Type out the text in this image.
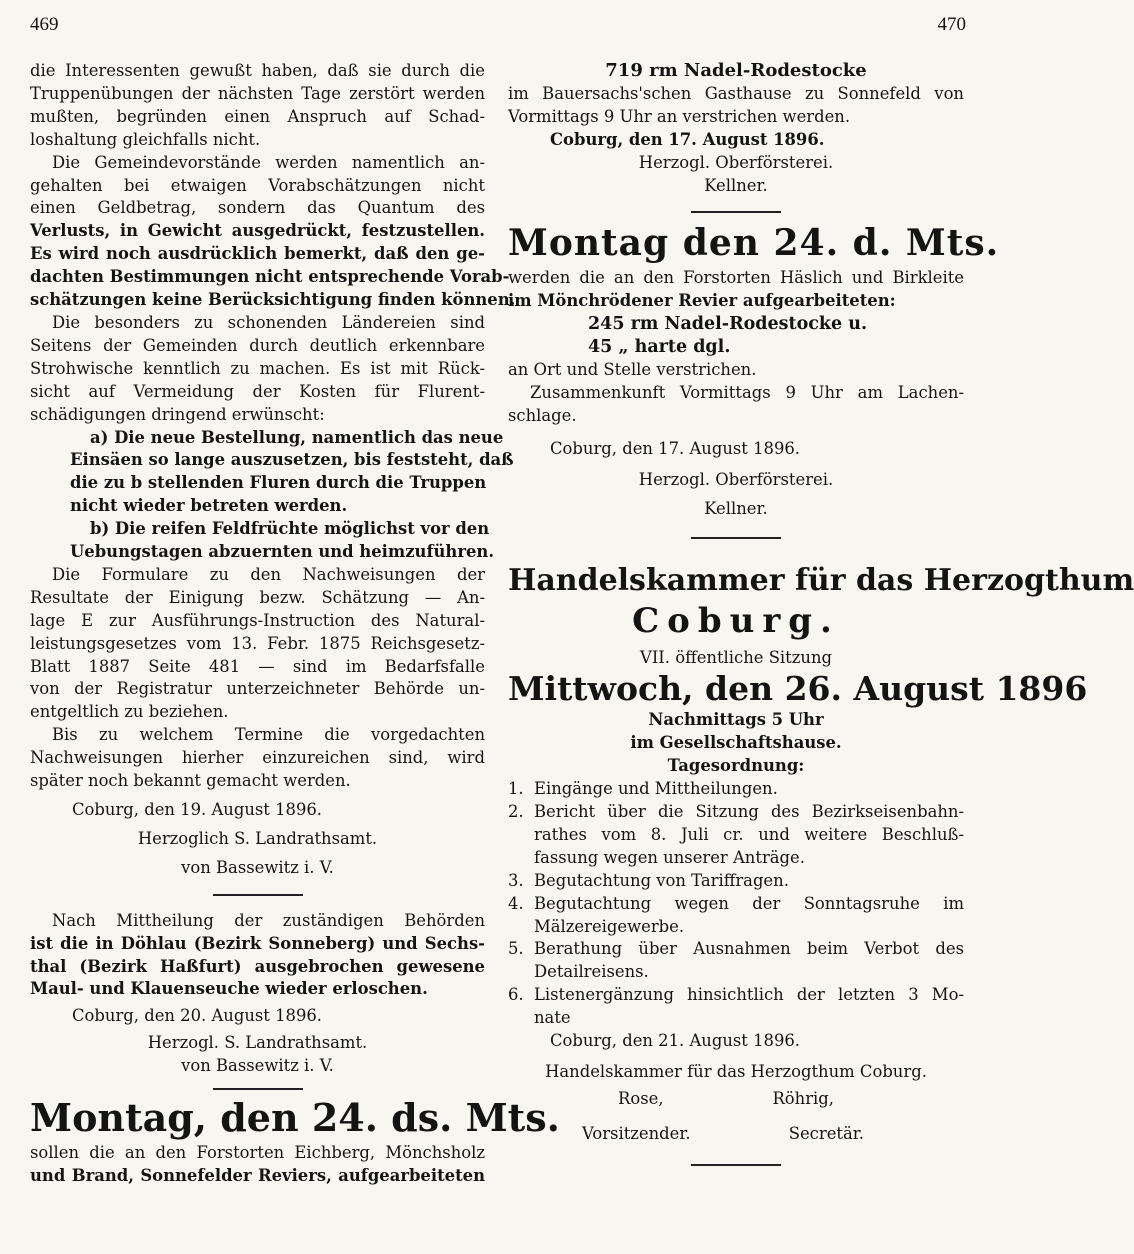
469	470
die Interessenten gewußt haben, daß sie durch die
Truppenübungen der nächsten Tage zerstört werden
mußten, begründen einen Anspruch auf Schad-
loshaltung gleichfalls nicht.
Die Gemeindevorstände werden namentlich an-
gehalten bei etwaigen Vorabschätzungen nicht
einen Geldbetrag, sondern das Quantum des
Verlusts, in Gewicht ausgedrückt, festzustellen.
Es wird noch ausdrücklich bemerkt, daß den ge-
dachten Bestimmungen nicht entsprechende Vorab-
schätzungen keine Berücksichtigung finden können.
Die besonders zu schonenden Ländereien sind
Seitens der Gemeinden durch deutlich erkennbare
Strohwische kenntlich zu machen. Es ist mit Rück-
sicht auf Vermeidung der Kosten für Flurent-
schädigungen dringend erwünscht:
a) Die neue Bestellung, namentlich das neue
Einsäen so lange auszusetzen, bis feststeht, daß
die zu b stellenden Fluren durch die Truppen
nicht wieder betreten werden.
b) Die reifen Feldfrüchte möglichst vor den
Uebungstagen abzuernten und heimzuführen.
Die Formulare zu den Nachweisungen der
Resultate der Einigung bezw. Schätzung — An-
lage E zur Ausführungs-Instruction des Natural-
leistungsgesetzes vom 13. Febr. 1875 Reichsgesetz-
Blatt 1887 Seite 481 — sind im Bedarfsfalle
von der Registratur unterzeichneter Behörde un-
entgeltlich zu beziehen.
Bis zu welchem Termine die vorgedachten
Nachweisungen hierher einzureichen sind, wird
später noch bekannt gemacht werden.
Coburg, den 19. August 1896.
Herzoglich S. Landrathsamt.
von Bassewitz i. V.
Nach Mittheilung der zuständigen Behörden
ist die in Döhlau (Bezirk Sonneberg) und Sechs-
thal (Bezirk Haßfurt) ausgebrochen gewesene
Maul- und Klauenseuche wieder erloschen.
Coburg, den 20. August 1896.
Herzogl. S. Landrathsamt.
von Bassewitz i. V.
Montag, den 24. ds. Mts.
sollen die an den Forstorten Eichberg, Mönchsholz
und Brand, Sonnefelder Reviers, aufgearbeiteten
719 rm Nadel-Rodestocke
im Bauersachs'schen Gasthause zu Sonnefeld von
Vormittags 9 Uhr an verstrichen werden.
Coburg, den 17. August 1896.
Herzogl. Oberförsterei.
Kellner.
Montag den 24. d. Mts.
werden die an den Forstorten Häslich und Birkleite
im Mönchrödener Revier aufgearbeiteten:
245 rm Nadel-Rodestocke u.
45 „ harte dgl.
an Ort und Stelle verstrichen.
Zusammenkunft Vormittags 9 Uhr am Lachen-
schlage.
Coburg, den 17. August 1896.
Herzogl. Oberförsterei.
Kellner.
Handelskammer für das Herzogthum
Coburg.
VII. öffentliche Sitzung
Mittwoch, den 26. August 1896
Nachmittags 5 Uhr
im Gesellschaftshause.
Tagesordnung:
1. Eingänge und Mittheilungen.
2. Bericht über die Sitzung des Bezirkseisenbahn-
rathes vom 8. Juli cr. und weitere Beschluß-
fassung wegen unserer Anträge.
3. Begutachtung von Tariffragen.
4. Begutachtung wegen der Sonntagsruhe im
Mälzereigewerbe.
5. Berathung über Ausnahmen beim Verbot des
Detailreisens.
6. Listenergänzung hinsichtlich der letzten 3 Mo-
nate
Coburg, den 21. August 1896.
Handelskammer für das Herzogthum Coburg.
Rose,	Röhrig,
Vorsitzender.	Secretär.
